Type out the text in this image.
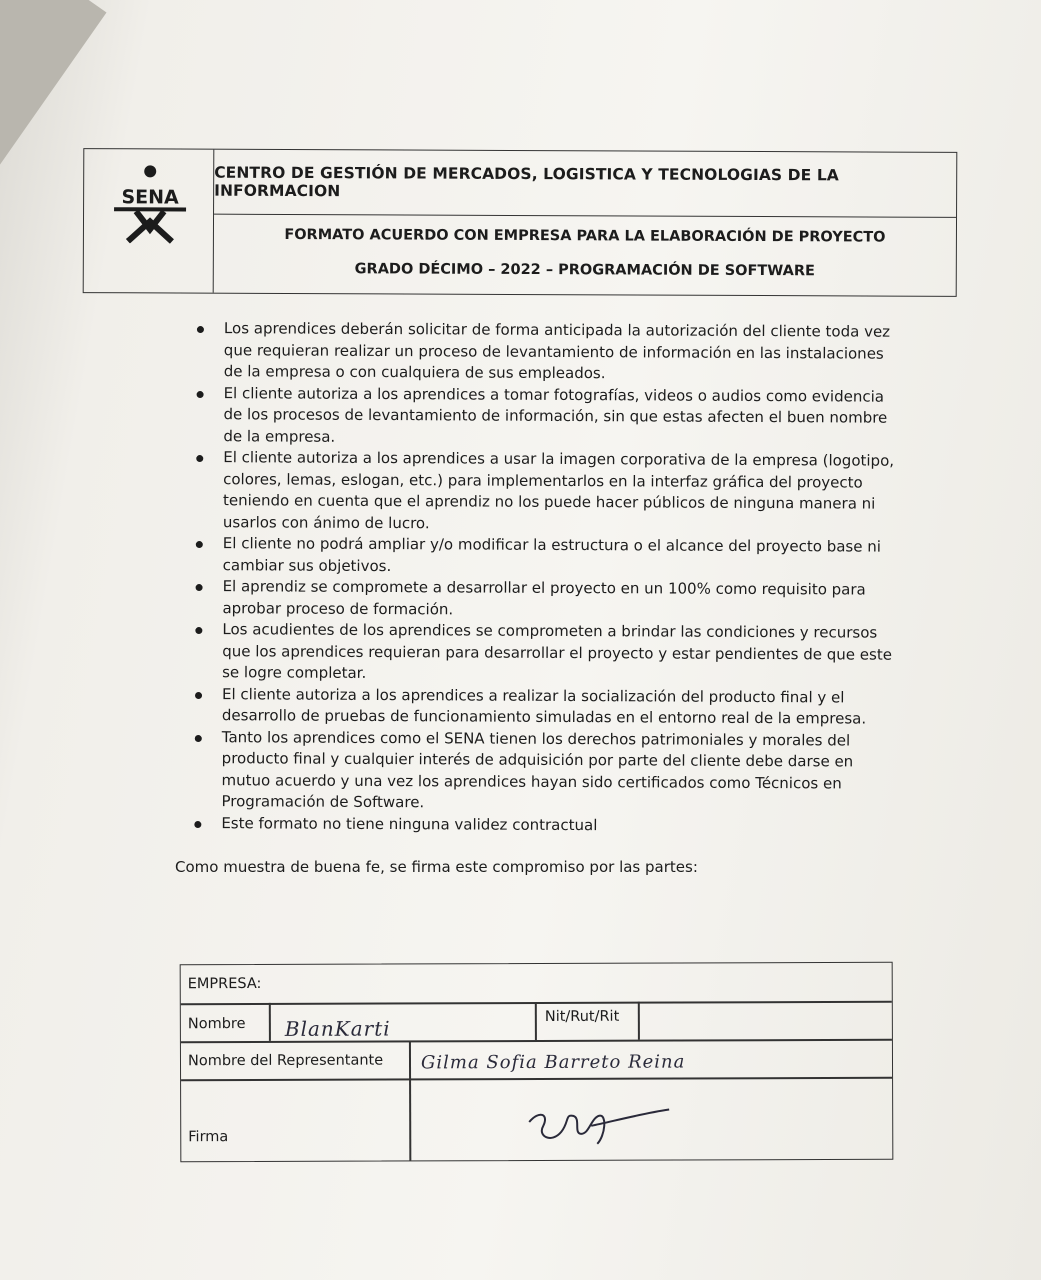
SENA
CENTRO DE GESTIÓN DE MERCADOS, LOGISTICA Y TECNOLOGIAS DE LA INFORMACION
FORMATO ACUERDO CON EMPRESA PARA LA ELABORACIÓN DE PROYECTO
GRADO DÉCIMO – 2022 – PROGRAMACIÓN DE SOFTWARE
Los aprendices deberán solicitar de forma anticipada la autorización del cliente toda vez que requieran realizar un proceso de levantamiento de información en las instalaciones de la empresa o con cualquiera de sus empleados.
El cliente autoriza a los aprendices a tomar fotografías, videos o audios como evidencia de los procesos de levantamiento de información, sin que estas afecten el buen nombre de la empresa.
El cliente autoriza a los aprendices a usar la imagen corporativa de la empresa (logotipo, colores, lemas, eslogan, etc.) para implementarlos en la interfaz gráfica del proyecto teniendo en cuenta que el aprendiz no los puede hacer públicos de ninguna manera ni usarlos con ánimo de lucro.
El cliente no podrá ampliar y/o modificar la estructura o el alcance del proyecto base ni cambiar sus objetivos.
El aprendiz se compromete a desarrollar el proyecto en un 100% como requisito para aprobar proceso de formación.
Los acudientes de los aprendices se comprometen a brindar las condiciones y recursos que los aprendices requieran para desarrollar el proyecto y estar pendientes de que este se logre completar.
El cliente autoriza a los aprendices a realizar la socialización del producto final y el desarrollo de pruebas de funcionamiento simuladas en el entorno real de la empresa.
Tanto los aprendices como el SENA tienen los derechos patrimoniales y morales del producto final y cualquier interés de adquisición por parte del cliente debe darse en mutuo acuerdo y una vez los aprendices hayan sido certificados como Técnicos en Programación de Software.
Este formato no tiene ninguna validez contractual
Como muestra de buena fe, se firma este compromiso por las partes:
EMPRESA:
Nombre BlanKarti	Nit/Rut/Rit
Nombre del Representante Gilma Sofia Barreto Reina
Firma
